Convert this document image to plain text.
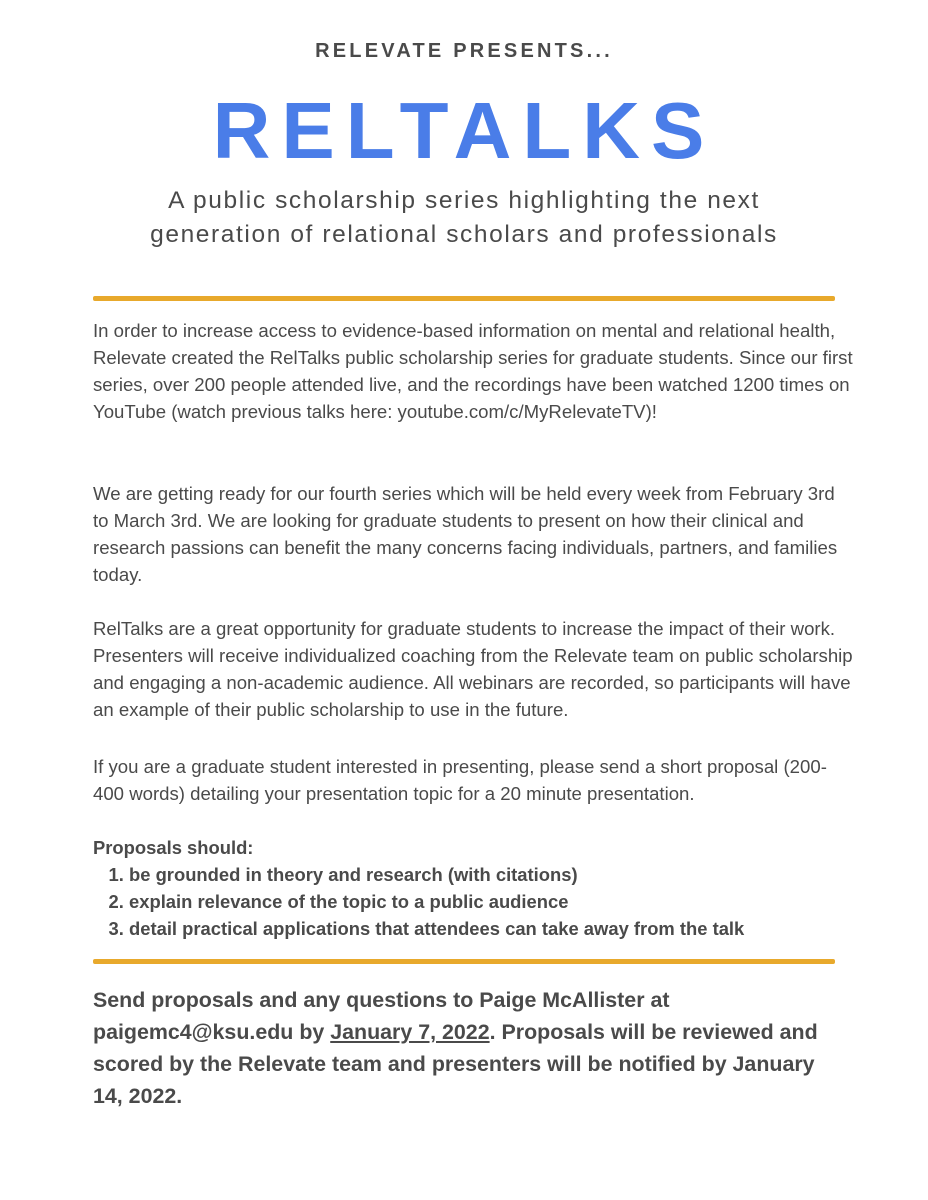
RELEVATE PRESENTS...
RELTALKS
A public scholarship series highlighting the next generation of relational scholars and professionals
In order to increase access to evidence-based information on mental and relational health, Relevate created the RelTalks public scholarship series for graduate students. Since our first series, over 200 people attended live, and the recordings have been watched 1200 times on YouTube (watch previous talks here: youtube.com/c/MyRelevateTV)!
We are getting ready for our fourth series which will be held every week from February 3rd to March 3rd. We are looking for graduate students to present on how their clinical and research passions can benefit the many concerns facing individuals, partners, and families today.
RelTalks are a great opportunity for graduate students to increase the impact of their work. Presenters will receive individualized coaching from the Relevate team on public scholarship and engaging a non-academic audience. All webinars are recorded, so participants will have an example of their public scholarship to use in the future.
If you are a graduate student interested in presenting, please send a short proposal (200-400 words) detailing your presentation topic for a 20 minute presentation.
Proposals should:
1. be grounded in theory and research (with citations)
2. explain relevance of the topic to a public audience
3. detail practical applications that attendees can take away from the talk
Send proposals and any questions to Paige McAllister at paigemc4@ksu.edu by January 7, 2022. Proposals will be reviewed and scored by the Relevate team and presenters will be notified by January 14, 2022.
